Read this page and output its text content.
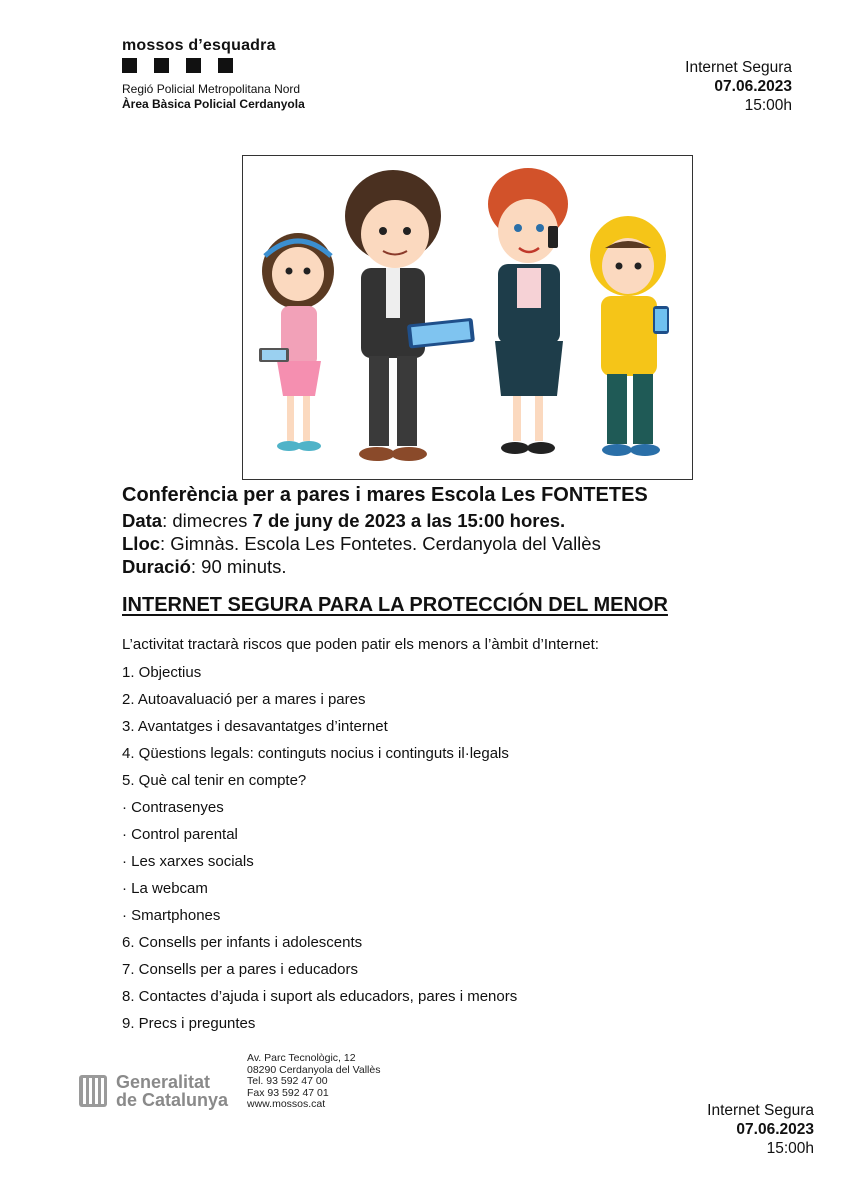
mossos d’esquadra
Regió Policial Metropolitana Nord
Àrea Bàsica Policial Cerdanyola
Internet Segura
07.06.2023
15:00h
Conferència per a pares i mares Escola Les FONTETES
Data: dimecres 7 de juny de 2023 a las 15:00 hores.
Lloc: Gimnàs. Escola Les Fontetes. Cerdanyola del Vallès
Duració: 90 minuts.
INTERNET SEGURA PARA LA PROTECCIÓN DEL MENOR
L’activitat tractarà riscos que poden patir els menors a l’àmbit d’Internet:
1. Objectius
2. Autoavaluació per a mares i pares
3. Avantatges i desavantatges d’internet
4. Qüestions legals: continguts nocius i continguts il·legals
5. Què cal tenir en compte?
· Contrasenyes
· Control parental
· Les xarxes socials
· La webcam
· Smartphones
6. Consells per infants i adolescents
7. Consells per a pares i educadors
8. Contactes d’ajuda i suport als educadors, pares i menors
9. Precs i preguntes
Generalitat
de Catalunya
Av. Parc Tecnològic, 12
08290 Cerdanyola del Vallès
Tel. 93 592 47 00
Fax 93 592 47 01
www.mossos.cat	Internet Segura
07.06.2023
15:00h
